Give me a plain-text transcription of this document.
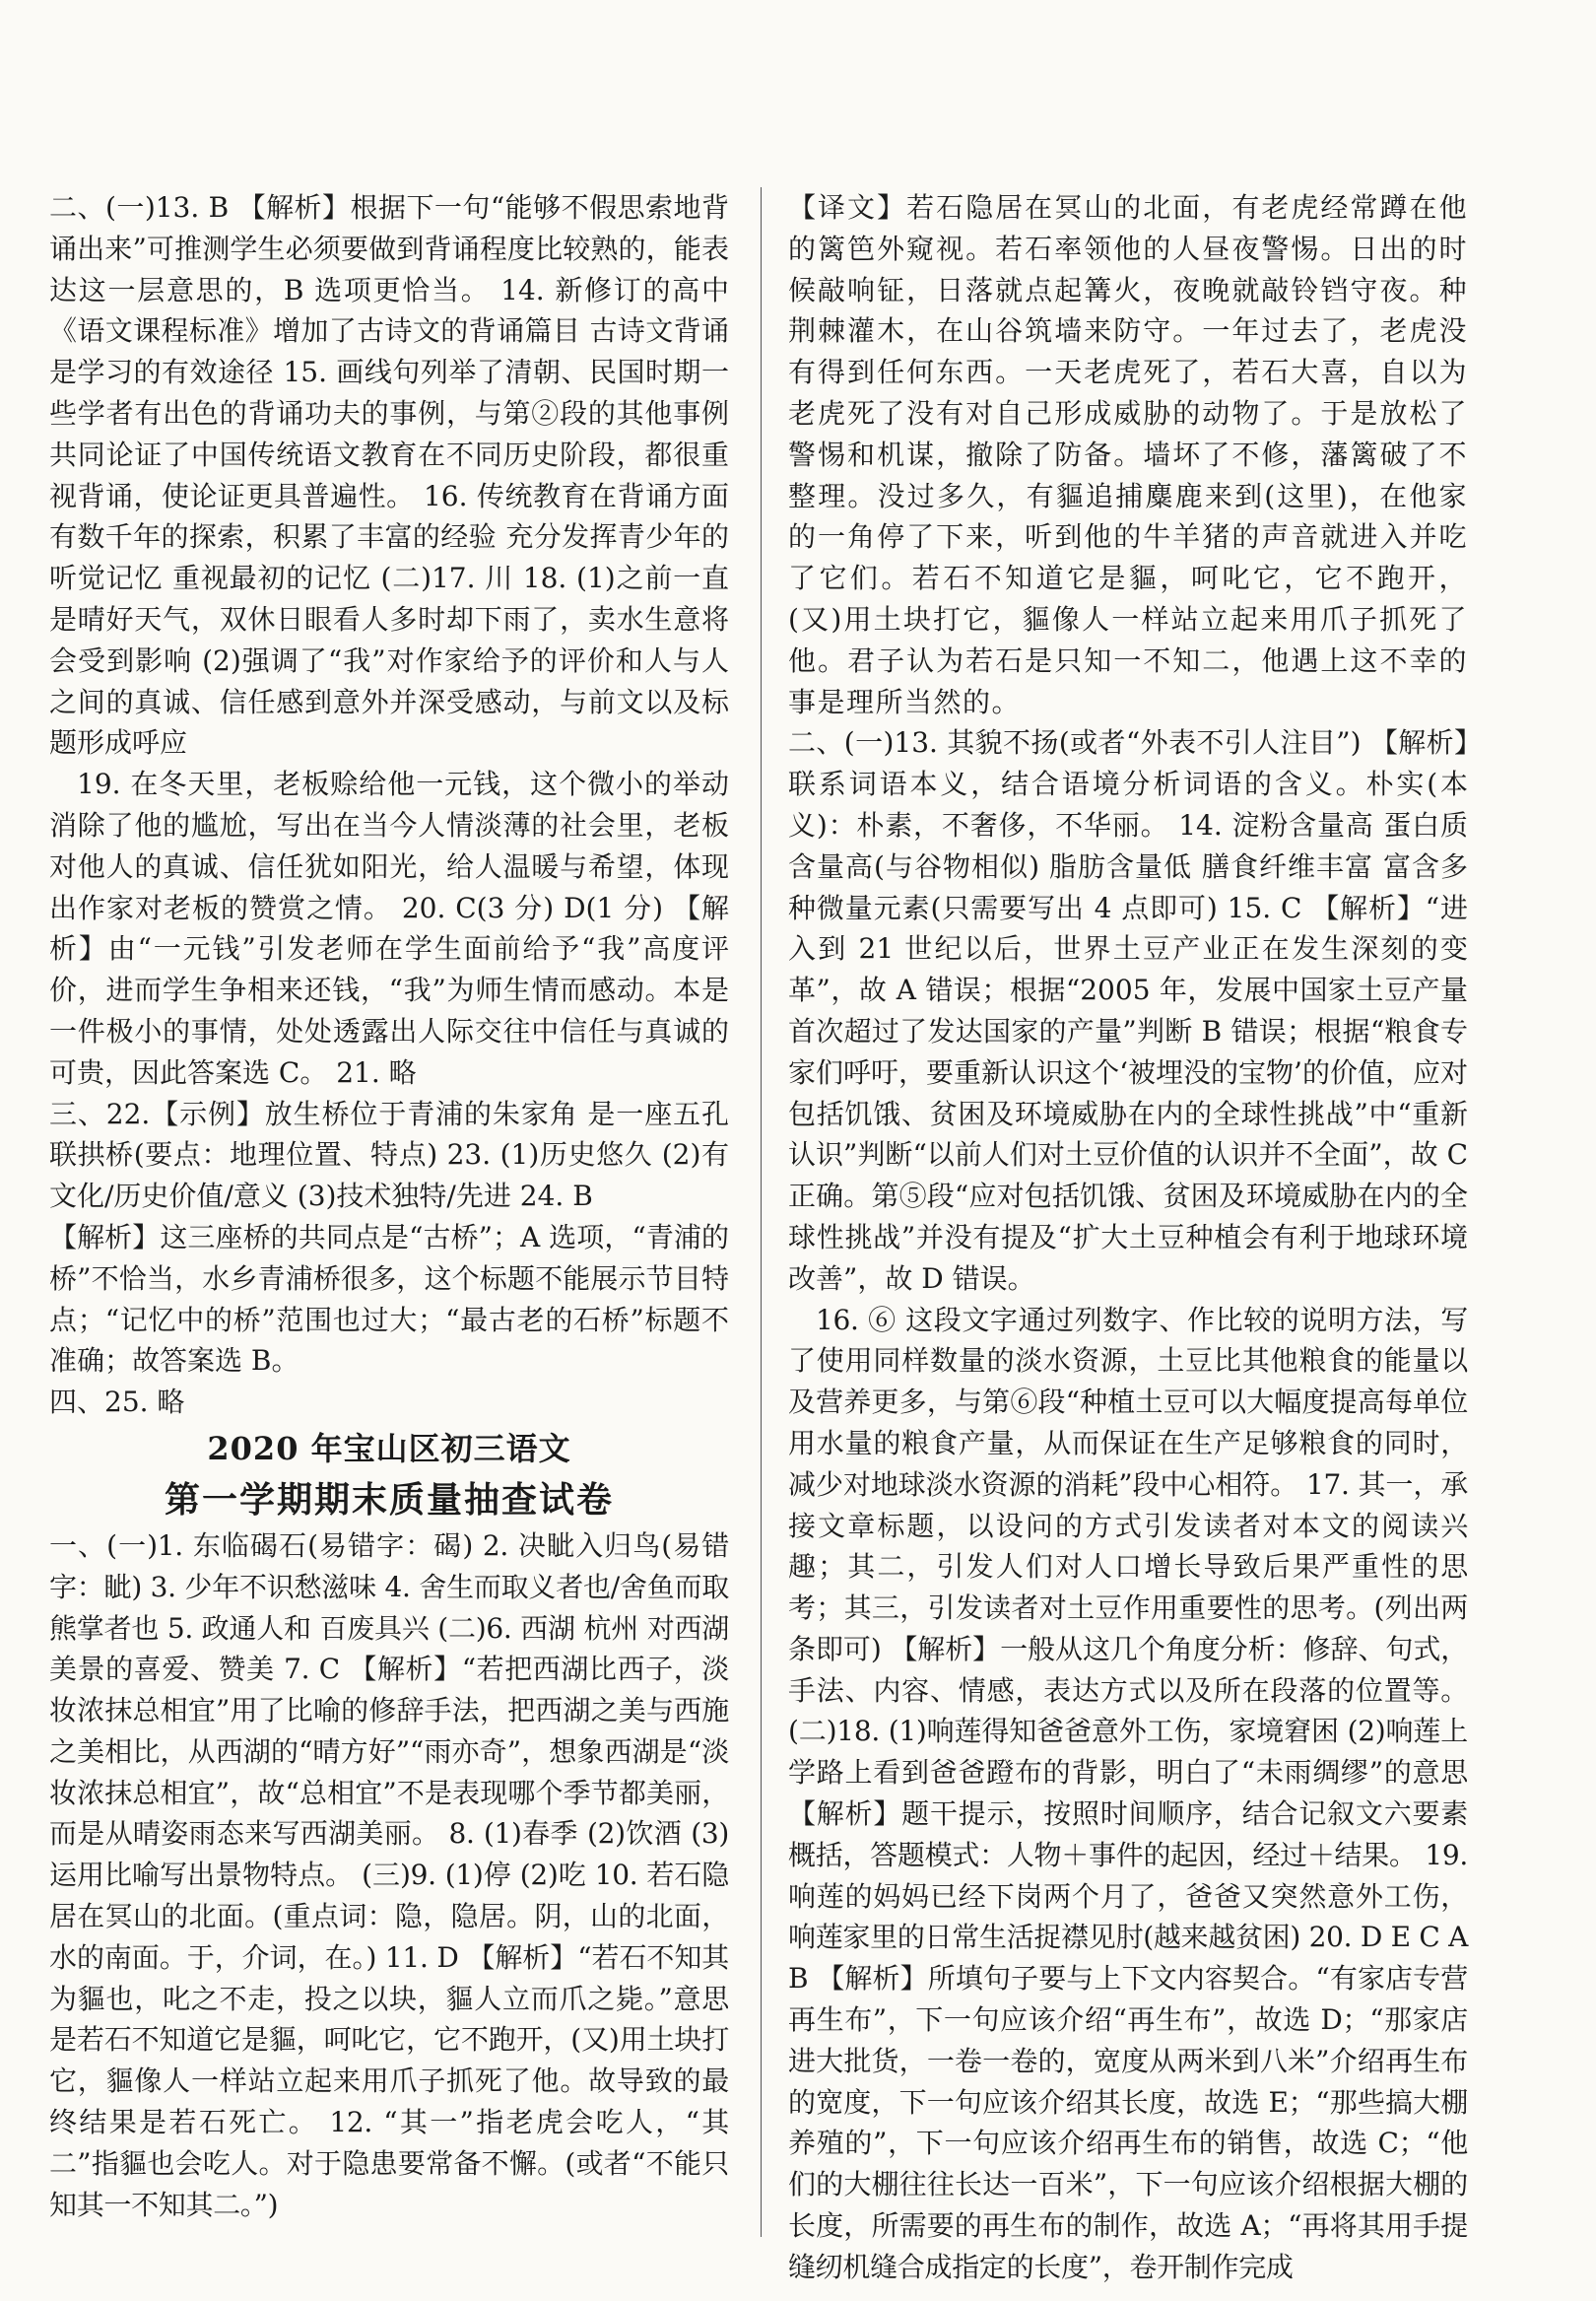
二、(一)13. B 【解析】根据下一句“能够不假思索地背诵出来”可推测学生必须要做到背诵程度比较熟的，能表达这一层意思的，B 选项更恰当。 14. 新修订的高中《语文课程标准》增加了古诗文的背诵篇目 古诗文背诵是学习的有效途径 15. 画线句列举了清朝、民国时期一些学者有出色的背诵功夫的事例，与第②段的其他事例共同论证了中国传统语文教育在不同历史阶段，都很重视背诵，使论证更具普遍性。 16. 传统教育在背诵方面有数千年的探索，积累了丰富的经验 充分发挥青少年的听觉记忆 重视最初的记忆 (二)17. 川 18. (1)之前一直是晴好天气，双休日眼看人多时却下雨了，卖水生意将会受到影响 (2)强调了“我”对作家给予的评价和人与人之间的真诚、信任感到意外并深受感动，与前文以及标题形成呼应

19. 在冬天里，老板赊给他一元钱，这个微小的举动消除了他的尴尬，写出在当今人情淡薄的社会里，老板对他人的真诚、信任犹如阳光，给人温暖与希望，体现出作家对老板的赞赏之情。 20. C(3 分) D(1 分) 【解析】由“一元钱”引发老师在学生面前给予“我”高度评价，进而学生争相来还钱，“我”为师生情而感动。本是一件极小的事情，处处透露出人际交往中信任与真诚的可贵，因此答案选 C。 21. 略

三、22.【示例】放生桥位于青浦的朱家角 是一座五孔联拱桥(要点：地理位置、特点) 23. (1)历史悠久 (2)有文化/历史价值/意义 (3)技术独特/先进 24. B

【解析】这三座桥的共同点是“古桥”；A 选项，“青浦的桥”不恰当，水乡青浦桥很多，这个标题不能展示节目特点；“记忆中的桥”范围也过大；“最古老的石桥”标题不准确；故答案选 B。

四、25. 略

2020 年宝山区初三语文
第一学期期末质量抽查试卷

一、(一)1. 东临碣石(易错字：碣) 2. 决眦入归鸟(易错字：眦) 3. 少年不识愁滋味 4. 舍生而取义者也/舍鱼而取熊掌者也 5. 政通人和 百废具兴 (二)6. 西湖 杭州 对西湖美景的喜爱、赞美 7. C 【解析】“若把西湖比西子，淡妆浓抹总相宜”用了比喻的修辞手法，把西湖之美与西施之美相比，从西湖的“晴方好”“雨亦奇”，想象西湖是“淡妆浓抹总相宜”，故“总相宜”不是表现哪个季节都美丽，而是从晴姿雨态来写西湖美丽。 8. (1)春季 (2)饮酒 (3)运用比喻写出景物特点。 (三)9. (1)停 (2)吃 10. 若石隐居在冥山的北面。(重点词：隐，隐居。阴，山的北面，水的南面。于，介词，在。) 11. D 【解析】“若石不知其为貙也，叱之不走，投之以块，貙人立而爪之毙。”意思是若石不知道它是貙，呵叱它，它不跑开，(又)用土块打它，貙像人一样站立起来用爪子抓死了他。故导致的最终结果是若石死亡。 12. “其一”指老虎会吃人，“其二”指貙也会吃人。对于隐患要常备不懈。(或者“不能只知其一不知其二。”)

【译文】若石隐居在冥山的北面，有老虎经常蹲在他的篱笆外窥视。若石率领他的人昼夜警惕。日出的时候敲响钲，日落就点起篝火，夜晚就敲铃铛守夜。种荆棘灌木，在山谷筑墙来防守。一年过去了，老虎没有得到任何东西。一天老虎死了，若石大喜，自以为老虎死了没有对自己形成威胁的动物了。于是放松了警惕和机谋，撤除了防备。墙坏了不修，藩篱破了不整理。没过多久，有貙追捕麋鹿来到(这里)，在他家的一角停了下来，听到他的牛羊猪的声音就进入并吃了它们。若石不知道它是貙，呵叱它，它不跑开，(又)用土块打它，貙像人一样站立起来用爪子抓死了他。君子认为若石是只知一不知二，他遇上这不幸的事是理所当然的。

二、(一)13. 其貌不扬(或者“外表不引人注目”) 【解析】联系词语本义，结合语境分析词语的含义。朴实(本义)：朴素，不奢侈，不华丽。 14. 淀粉含量高 蛋白质含量高(与谷物相似) 脂肪含量低 膳食纤维丰富 富含多种微量元素(只需要写出 4 点即可) 15. C 【解析】“进入到 21 世纪以后，世界土豆产业正在发生深刻的变革”，故 A 错误；根据“2005 年，发展中国家土豆产量首次超过了发达国家的产量”判断 B 错误；根据“粮食专家们呼吁，要重新认识这个‘被埋没的宝物’的价值，应对包括饥饿、贫困及环境威胁在内的全球性挑战”中“重新认识”判断“以前人们对土豆价值的认识并不全面”，故 C 正确。第⑤段“应对包括饥饿、贫困及环境威胁在内的全球性挑战”并没有提及“扩大土豆种植会有利于地球环境改善”，故 D 错误。

16. ⑥ 这段文字通过列数字、作比较的说明方法，写了使用同样数量的淡水资源，土豆比其他粮食的能量以及营养更多，与第⑥段“种植土豆可以大幅度提高每单位用水量的粮食产量，从而保证在生产足够粮食的同时，减少对地球淡水资源的消耗”段中心相符。 17. 其一，承接文章标题，以设问的方式引发读者对本文的阅读兴趣；其二，引发人们对人口增长导致后果严重性的思考；其三，引发读者对土豆作用重要性的思考。(列出两条即可) 【解析】一般从这几个角度分析：修辞、句式，手法、内容、情感，表达方式以及所在段落的位置等。 (二)18. (1)响莲得知爸爸意外工伤，家境窘困 (2)响莲上学路上看到爸爸蹬布的背影，明白了“未雨绸缪”的意思 【解析】题干提示，按照时间顺序，结合记叙文六要素概括，答题模式：人物＋事件的起因，经过＋结果。 19. 响莲的妈妈已经下岗两个月了，爸爸又突然意外工伤，响莲家里的日常生活捉襟见肘(越来越贫困) 20. D E C A B 【解析】所填句子要与上下文内容契合。“有家店专营再生布”，下一句应该介绍“再生布”，故选 D；“那家店进大批货，一卷一卷的，宽度从两米到八米”介绍再生布的宽度，下一句应该介绍其长度，故选 E；“那些搞大棚养殖的”，下一句应该介绍再生布的销售，故选 C；“他们的大棚往往长达一百米”，下一句应该介绍根据大棚的长度，所需要的再生布的制作，故选 A；“再将其用手提缝纫机缝合成指定的长度”，卷开制作完成
